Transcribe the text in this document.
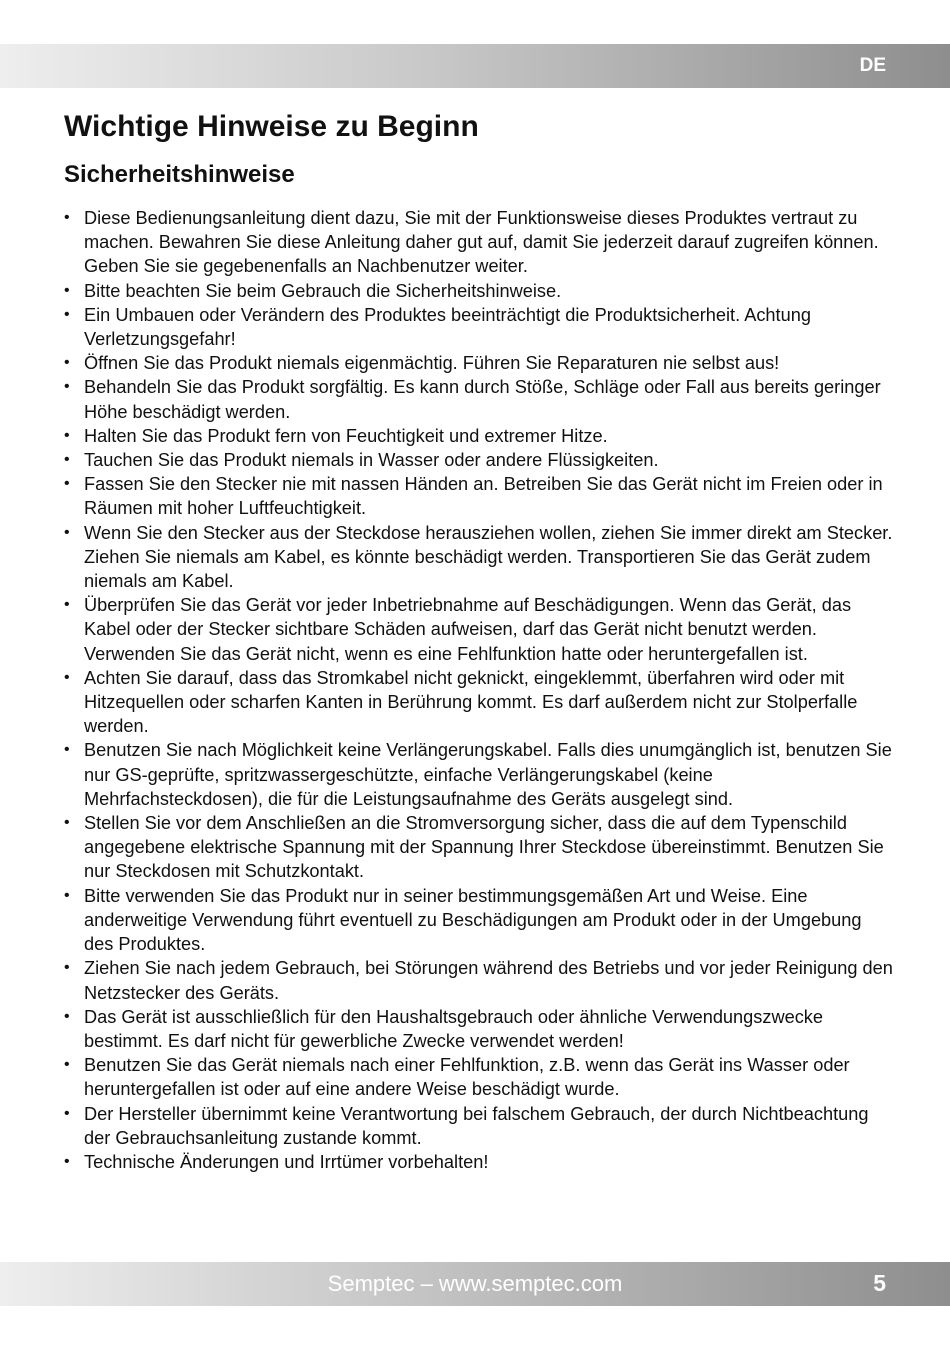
DE
Wichtige Hinweise zu Beginn
Sicherheitshinweise
• Diese Bedienungsanleitung dient dazu, Sie mit der Funktionsweise dieses Produktes vertraut zu machen. Bewahren Sie diese Anleitung daher gut auf, damit Sie jederzeit darauf zugreifen können. Geben Sie sie gegebenenfalls an Nachbenutzer weiter.
• Bitte beachten Sie beim Gebrauch die Sicherheitshinweise.
• Ein Umbauen oder Verändern des Produktes beeinträchtigt die Produktsicherheit. Achtung Verletzungsgefahr!
• Öffnen Sie das Produkt niemals eigenmächtig. Führen Sie Reparaturen nie selbst aus!
• Behandeln Sie das Produkt sorgfältig. Es kann durch Stöße, Schläge oder Fall aus bereits geringer Höhe beschädigt werden.
• Halten Sie das Produkt fern von Feuchtigkeit und extremer Hitze.
• Tauchen Sie das Produkt niemals in Wasser oder andere Flüssigkeiten.
• Fassen Sie den Stecker nie mit nassen Händen an. Betreiben Sie das Gerät nicht im Freien oder in Räumen mit hoher Luftfeuchtigkeit.
• Wenn Sie den Stecker aus der Steckdose herausziehen wollen, ziehen Sie immer direkt am Stecker. Ziehen Sie niemals am Kabel, es könnte beschädigt werden. Transportieren Sie das Gerät zudem niemals am Kabel.
• Überprüfen Sie das Gerät vor jeder Inbetriebnahme auf Beschädigungen. Wenn das Gerät, das Kabel oder der Stecker sichtbare Schäden aufweisen, darf das Gerät nicht benutzt werden. Verwenden Sie das Gerät nicht, wenn es eine Fehlfunktion hatte oder heruntergefallen ist.
• Achten Sie darauf, dass das Stromkabel nicht geknickt, eingeklemmt, überfahren wird oder mit Hitzequellen oder scharfen Kanten in Berührung kommt. Es darf außerdem nicht zur Stolperfalle werden.
• Benutzen Sie nach Möglichkeit keine Verlängerungskabel. Falls dies unumgänglich ist, benutzen Sie nur GS-geprüfte, spritzwassergeschützte, einfache Verlängerungskabel (keine Mehrfachsteckdosen), die für die Leistungsaufnahme des Geräts ausgelegt sind.
• Stellen Sie vor dem Anschließen an die Stromversorgung sicher, dass die auf dem Typenschild angegebene elektrische Spannung mit der Spannung Ihrer Steckdose übereinstimmt. Benutzen Sie nur Steckdosen mit Schutzkontakt.
• Bitte verwenden Sie das Produkt nur in seiner bestimmungsgemäßen Art und Weise. Eine anderweitige Verwendung führt eventuell zu Beschädigungen am Produkt oder in der Umgebung des Produktes.
• Ziehen Sie nach jedem Gebrauch, bei Störungen während des Betriebs und vor jeder Reinigung den Netzstecker des Geräts.
• Das Gerät ist ausschließlich für den Haushaltsgebrauch oder ähnliche Verwendungszwecke bestimmt. Es darf nicht für gewerbliche Zwecke verwendet werden!
• Benutzen Sie das Gerät niemals nach einer Fehlfunktion, z.B. wenn das Gerät ins Wasser oder heruntergefallen ist oder auf eine andere Weise beschädigt wurde.
• Der Hersteller übernimmt keine Verantwortung bei falschem Gebrauch, der durch Nichtbeachtung der Gebrauchsanleitung zustande kommt.
• Technische Änderungen und Irrtümer vorbehalten!
Semptec – www.semptec.com	5
